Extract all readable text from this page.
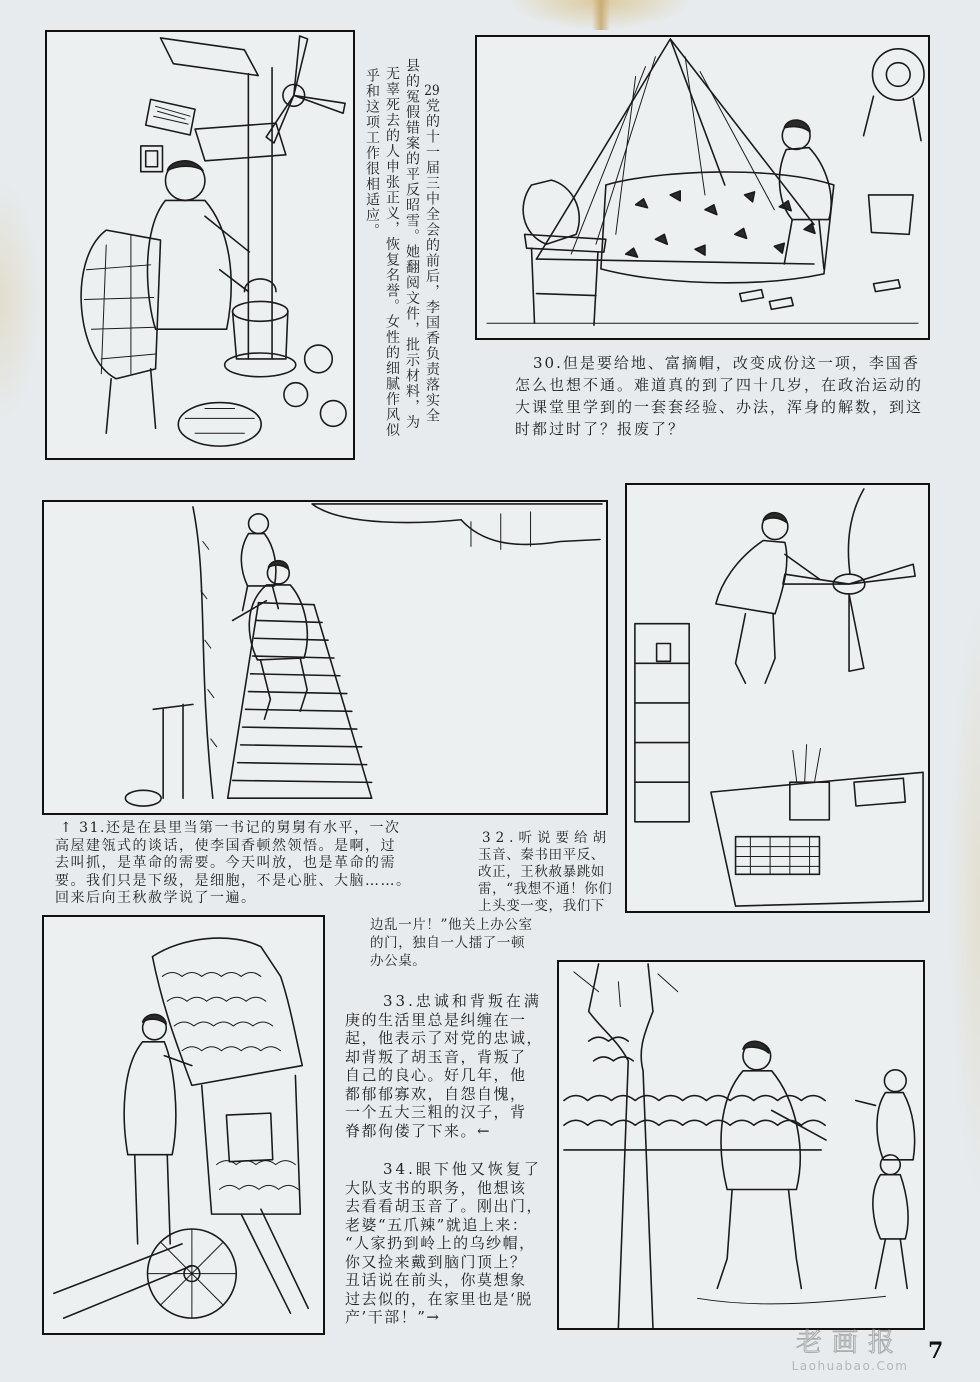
29党的十一届三中全会的前后，李国香负责落实全
县的冤假错案的平反昭雪。她翻阅文件，批示材料，为
无辜死去的人申张正义，恢复名誉。女性的细腻作风似
乎和这项工作很相适应。
30.但是要给地、富摘帽，改变成份这一项，李国香
怎么也想不通。难道真的到了四十几岁，在政治运动的
大课堂里学到的一套套经验、办法，浑身的解数，到这
时都过时了？报废了？
↑ 31.还是在县里当第一书记的舅舅有水平，一次
高屋建瓴式的谈话，使李国香顿然领悟。是啊，过
去叫抓，是革命的需要。今天叫放，也是革命的需
要。我们只是下级，是细胞，不是心脏、大脑……。
回来后向王秋赦学说了一遍。
32.听说要给胡
玉音、秦书田平反、
改正，王秋赦暴跳如
雷，“我想不通！你们
上头变一变，我们下
边乱一片！”他关上办公室
的门，独自一人擂了一顿
办公桌。
33.忠诚和背叛在满
庚的生活里总是纠缠在一
起，他表示了对党的忠诚，
却背叛了胡玉音，背叛了
自己的良心。好几年，他
都郁郁寡欢，自怨自愧，
一个五大三粗的汉子，背
脊都佝偻了下来。←
34.眼下他又恢复了
大队支书的职务，他想该
去看看胡玉音了。刚出门，
老婆“五爪辣”就追上来：
“人家扔到岭上的乌纱帽，
你又捡来戴到脑门顶上？
丑话说在前头，你莫想象
过去似的，在家里也是‘脱
产’干部！”→
老画报
Laohuabao.Com
7
